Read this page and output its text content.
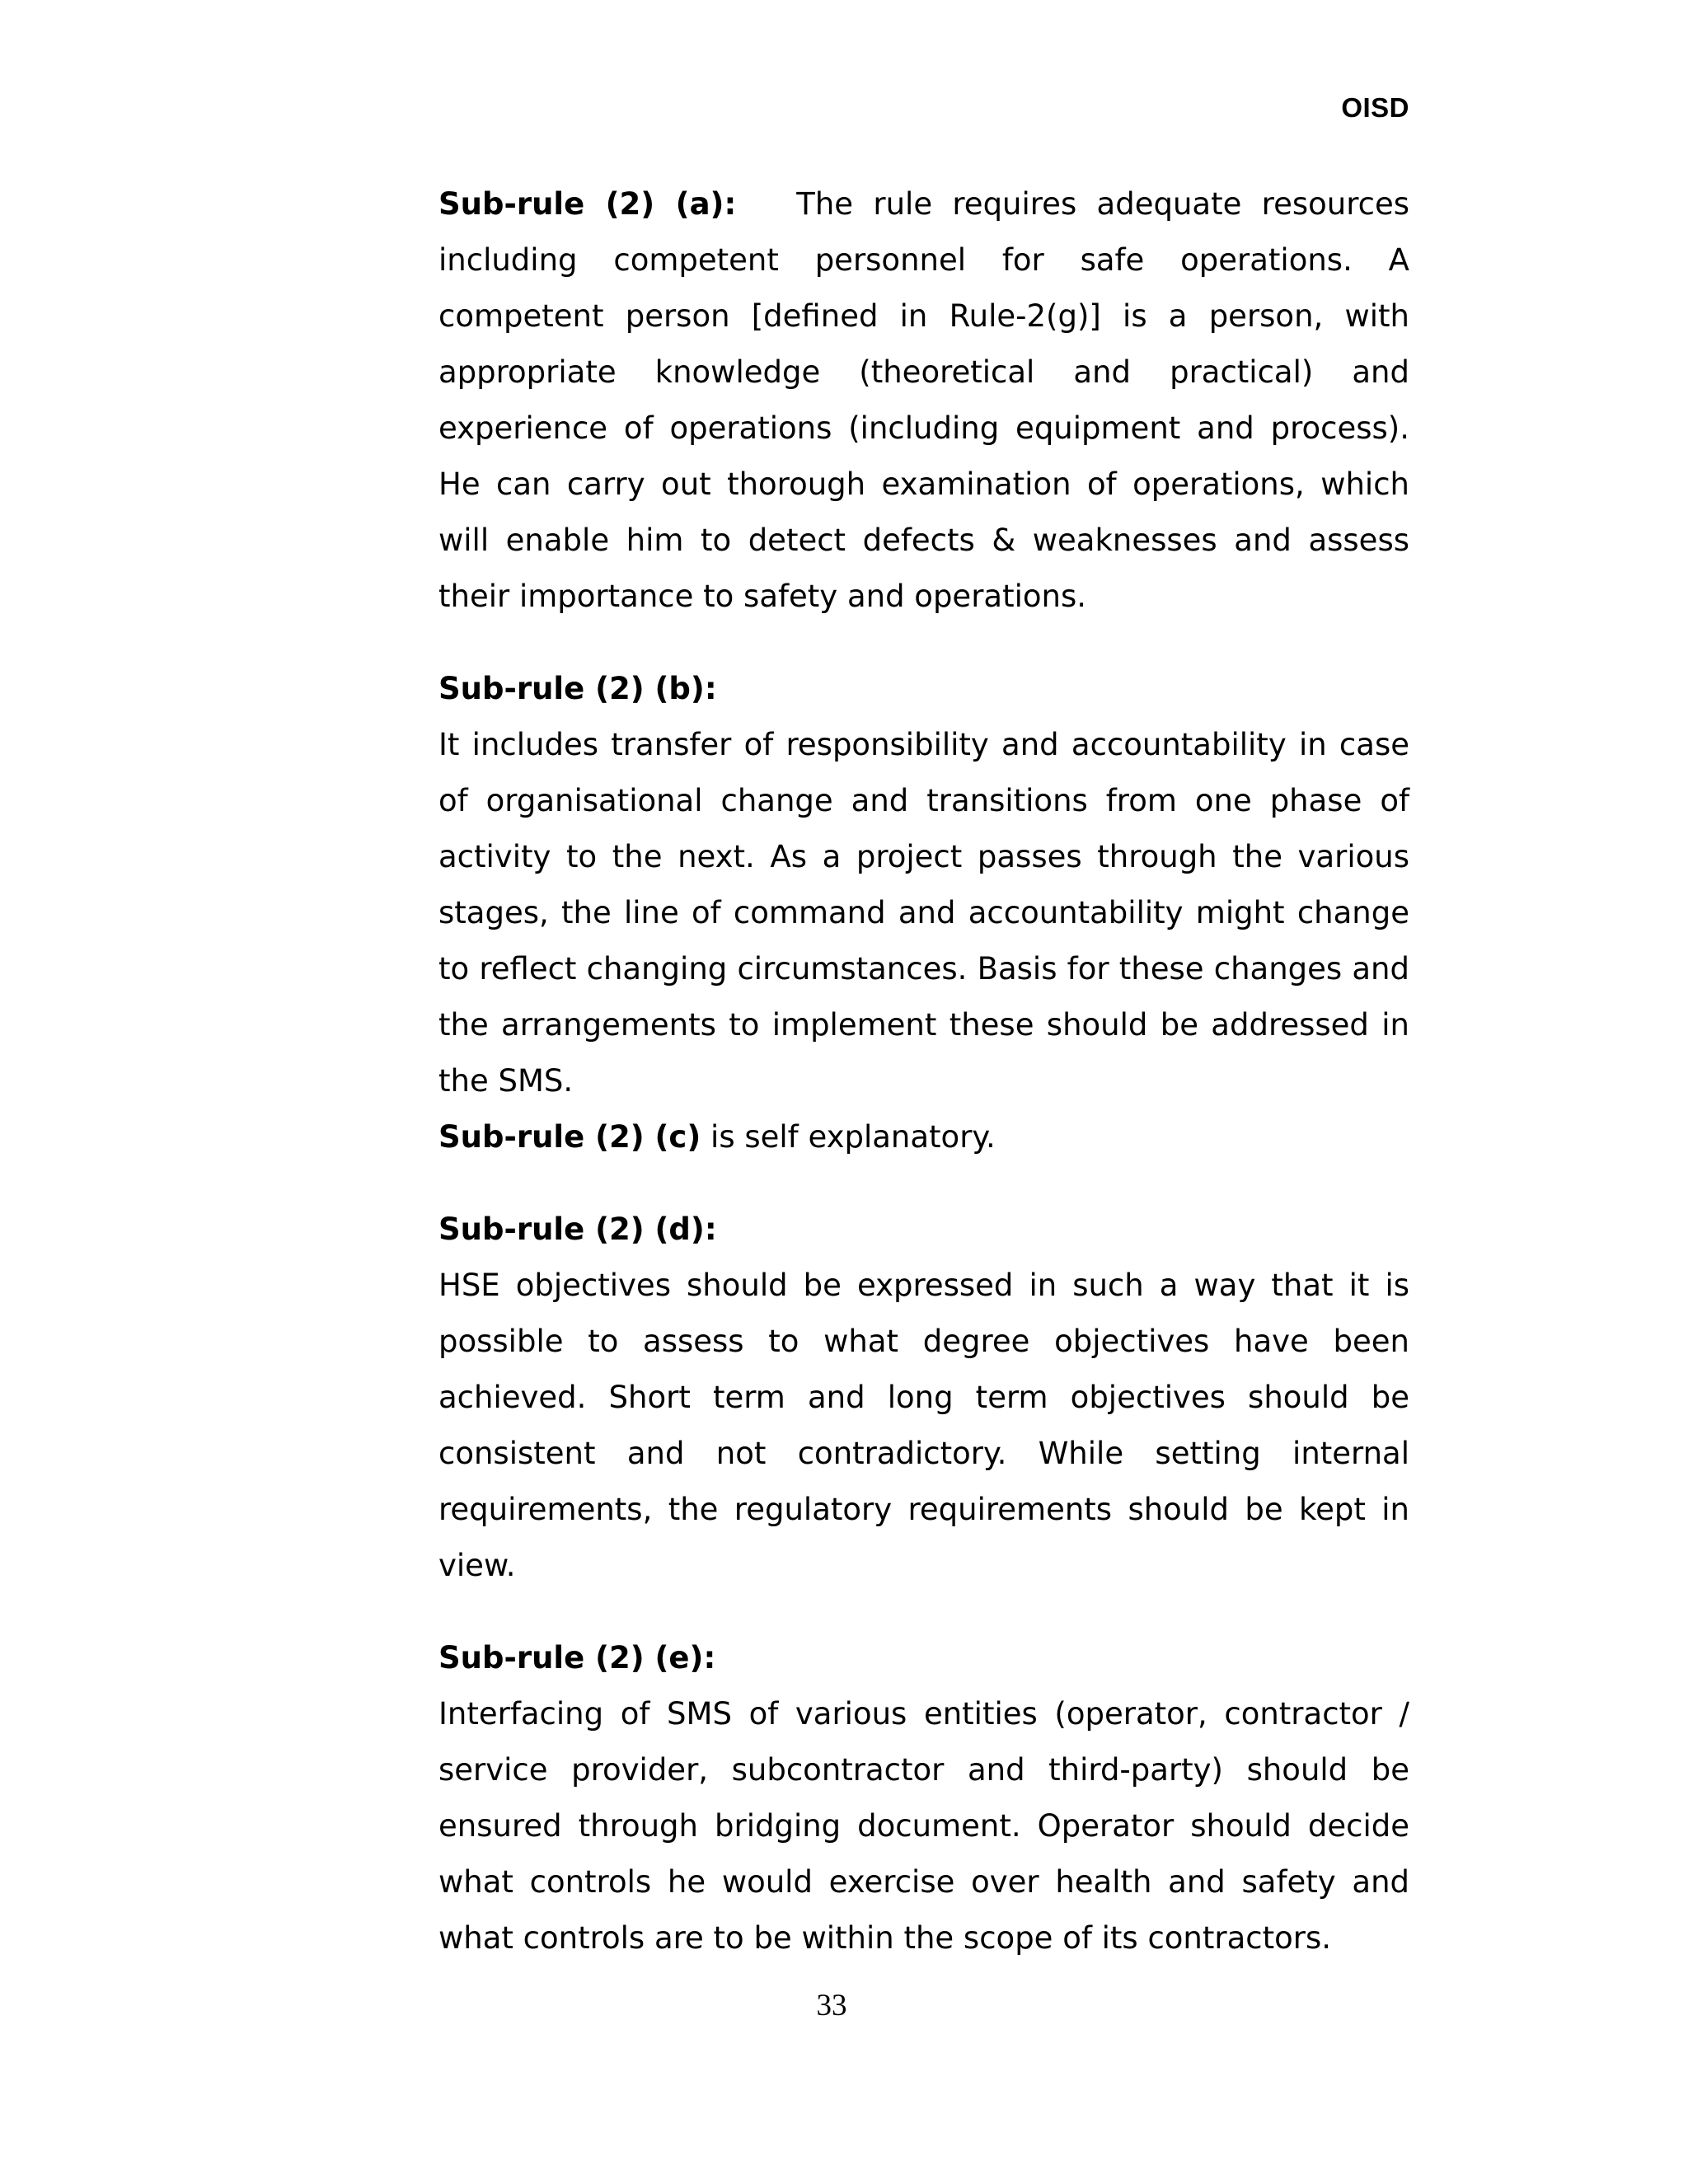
OISD

Sub-rule (2) (a): The rule requires adequate resources including competent personnel for safe operations. A competent person [defined in Rule-2(g)] is a person, with appropriate knowledge (theoretical and practical) and experience of operations (including equipment and process). He can carry out thorough examination of operations, which will enable him to detect defects & weaknesses and assess their importance to safety and operations.

Sub-rule (2) (b):

It includes transfer of responsibility and accountability in case of organisational change and transitions from one phase of activity to the next. As a project passes through the various stages, the line of command and accountability might change to reflect changing circumstances. Basis for these changes and the arrangements to implement these should be addressed in the SMS.

Sub-rule (2) (c) is self explanatory.

Sub-rule (2) (d):

HSE objectives should be expressed in such a way that it is possible to assess to what degree objectives have been achieved. Short term and long term objectives should be consistent and not contradictory. While setting internal requirements, the regulatory requirements should be kept in view.

Sub-rule (2) (e):

Interfacing of SMS of various entities (operator, contractor / service provider, subcontractor and third-party) should be ensured through bridging document. Operator should decide what controls he would exercise over health and safety and what controls are to be within the scope of its contractors.

33
